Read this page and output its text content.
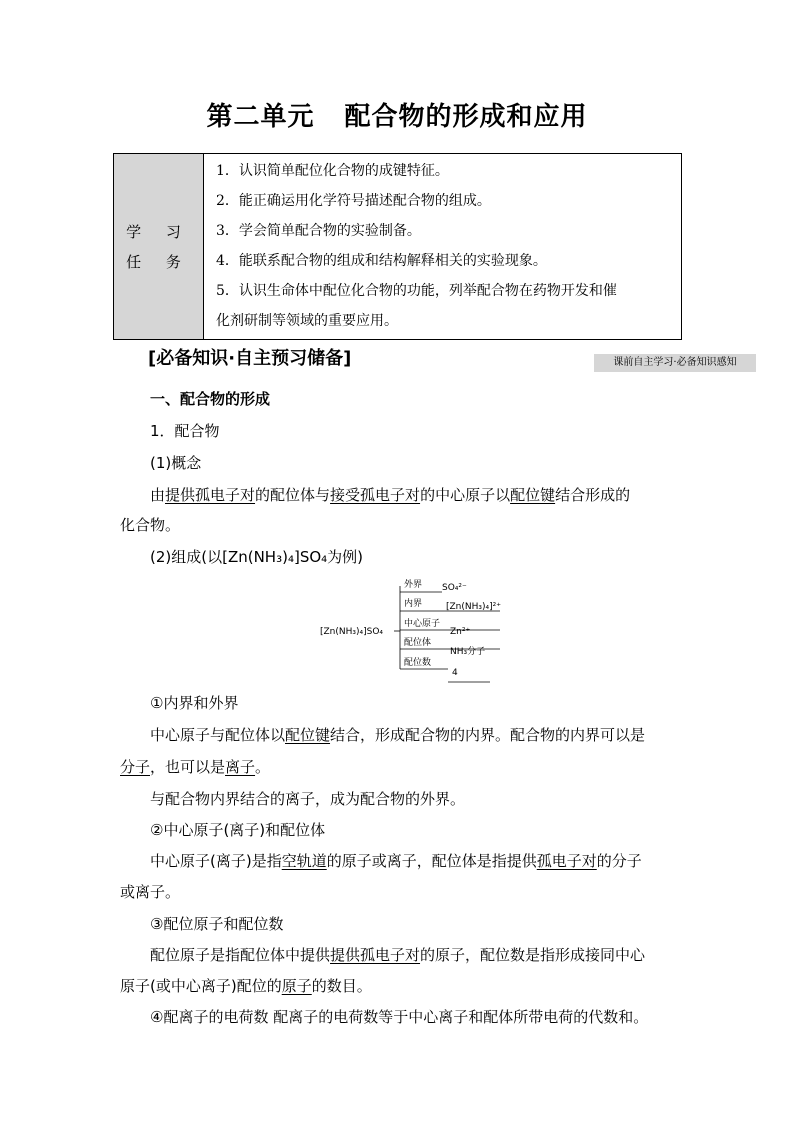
第二单元 配合物的形成和应用
学 习
任 务

1．认识简单配位化合物的成键特征。
2．能正确运用化学符号描述配合物的组成。
3．学会简单配合物的实验制备。
4．能联系配合物的组成和结构解释相关的实验现象。
5．认识生命体中配位化合物的功能，列举配合物在药物开发和催
化剂研制等领域的重要应用。
[必备知识·自主预习储备]	课前自主学习·必备知识感知
一、配合物的形成
1．配合物
(1)概念
由提供孤电子对的配位体与接受孤电子对的中心原子以配位键结合形成的
化合物。
(2)组成(以[Zn(NH₃)₄]SO₄为例)
[Zn(NH₃)₄]SO₄
外界 SO₄²⁻
内界	[Zn(NH₃)₄]²⁺
中心原子
Zn²⁺
配位体
NH₃分子
配位数
4
①内界和外界
中心原子与配位体以配位键结合，形成配合物的内界。配合物的内界可以是
分子，也可以是离子。
与配合物内界结合的离子，成为配合物的外界。
②中心原子(离子)和配位体
中心原子(离子)是指空轨道的原子或离子，配位体是指提供孤电子对的分子
或离子。
③配位原子和配位数
配位原子是指配位体中提供提供孤电子对的原子，配位数是指形成接同中心
原子(或中心离子)配位的原子的数目。
④配离子的电荷数 配离子的电荷数等于中心离子和配体所带电荷的代数和。
